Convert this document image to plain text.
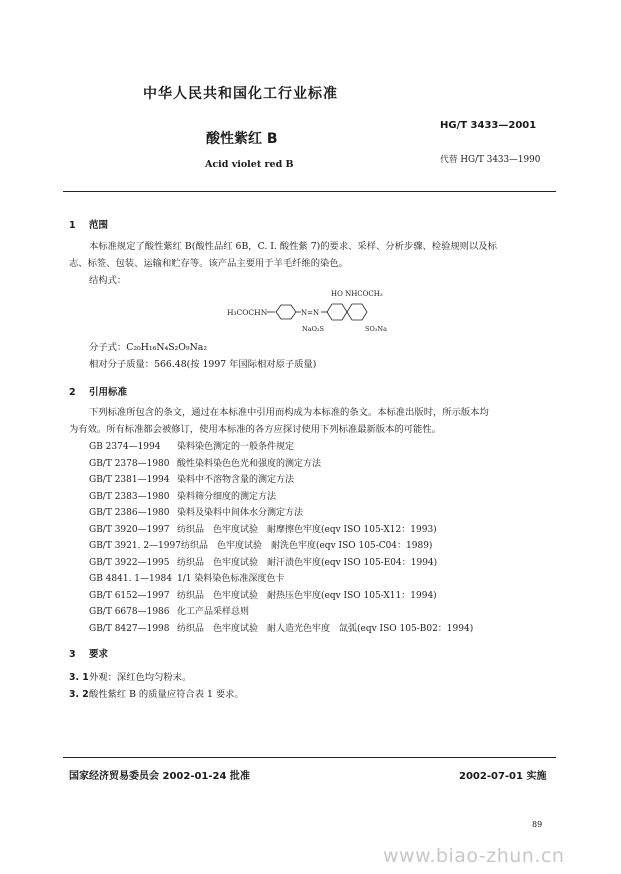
中华人民共和国化工行业标准
HG/T 3433—2001
酸性紫红 B
Acid violet red B	代替 HG/T 3433—1990
1 范围
本标准规定了酸性紫红 B(酸性品红 6B，C. I. 酸性紫 7)的要求、采样、分析步骤、检验规则以及标
志、标签、包装、运输和贮存等。该产品主要用于羊毛纤维的染色。
结构式：
H₃COCHN	N=N
HO NHCOCH₃
NaO₃S	SO₃Na
分子式：C₂₀H₁₆N₄S₂O₉Na₂
相对分子质量：566.48(按 1997 年国际相对原子质量)
2 引用标准
下列标准所包含的条文，通过在本标准中引用而构成为本标准的条文。本标准出版时，所示版本均
为有效。所有标准都会被修订，使用本标准的各方应探讨使用下列标准最新版本的可能性。
GB 2374—1994 染料染色测定的一般条件规定
GB/T 2378—1980 酸性染料染色色光和强度的测定方法
GB/T 2381—1994 染料中不溶物含量的测定方法
GB/T 2383—1980 染料筛分细度的测定方法
GB/T 2386—1980 染料及染料中间体水分测定方法
GB/T 3920—1997 纺织品　色牢度试验　耐摩擦色牢度(eqv ISO 105-X12：1993)
GB/T 3921. 2—1997纺织品　色牢度试验　耐洗色牢度(eqv ISO 105-C04：1989)
GB/T 3922—1995 纺织品　色牢度试验　耐汗渍色牢度(eqv ISO 105-E04：1994)
GB 4841. 1—1984 1/1 染料染色标准深度色卡
GB/T 6152—1997 纺织品　色牢度试验　耐热压色牢度(eqv ISO 105-X11：1994)
GB/T 6678—1986 化工产品采样总则
GB/T 8427—1998 纺织品　色牢度试验　耐人造光色牢度　氙弧(eqv ISO 105-B02：1994)
3 要求
3. 1外观：深红色均匀粉末。
3. 2酸性紫红 B 的质量应符合表 1 要求。
国家经济贸易委员会 2002-01-24 批准	2002-07-01 实施
89
www.biao-zhun.cn
